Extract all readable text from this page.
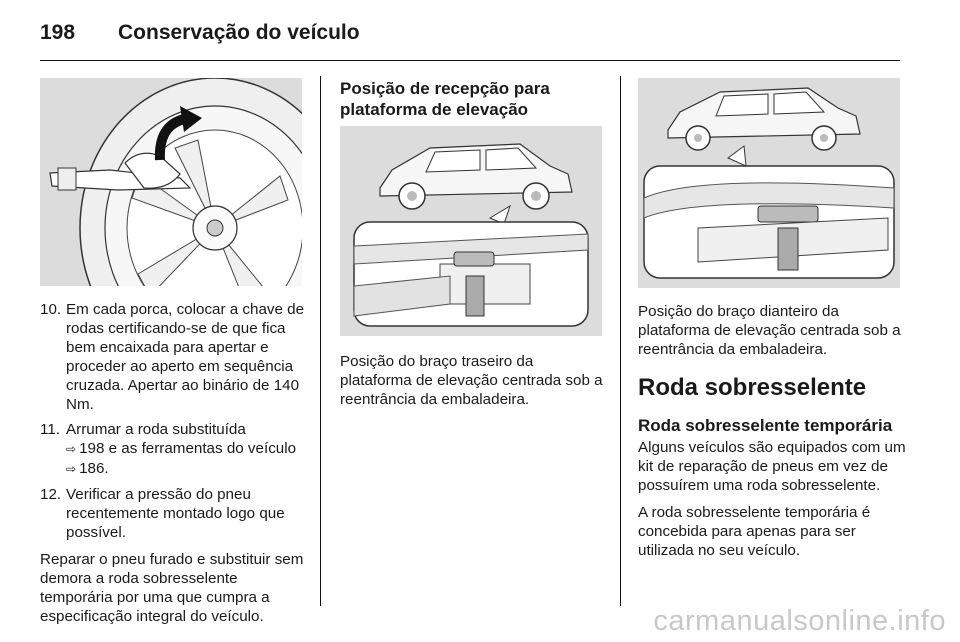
198	Conservação do veículo
10. Em cada porca, colocar a chave de rodas certificando-se de que fica bem encaixada para apertar e proceder ao aperto em sequência cruzada. Apertar ao binário de 140 Nm.
11. Arrumar a roda substituída
⇨ 198 e as ferramentas do veículo ⇨ 186.
12. Verificar a pressão do pneu recentemente montado logo que possível.

Reparar o pneu furado e substituir sem demora a roda sobresselente temporária por uma que cumpra a especificação integral do veículo.

Posição de recepção para plataforma de elevação
Posição do braço traseiro da plataforma de elevação centrada sob a reentrância da embaladeira.
Posição do braço dianteiro da plataforma de elevação centrada sob a reentrância da embaladeira.
Roda sobresselente
Roda sobresselente temporária

Alguns veículos são equipados com um kit de reparação de pneus em vez de possuírem uma roda sobresselente.

A roda sobresselente temporária é concebida para apenas para ser utilizada no seu veículo.

carmanualsonline.info
